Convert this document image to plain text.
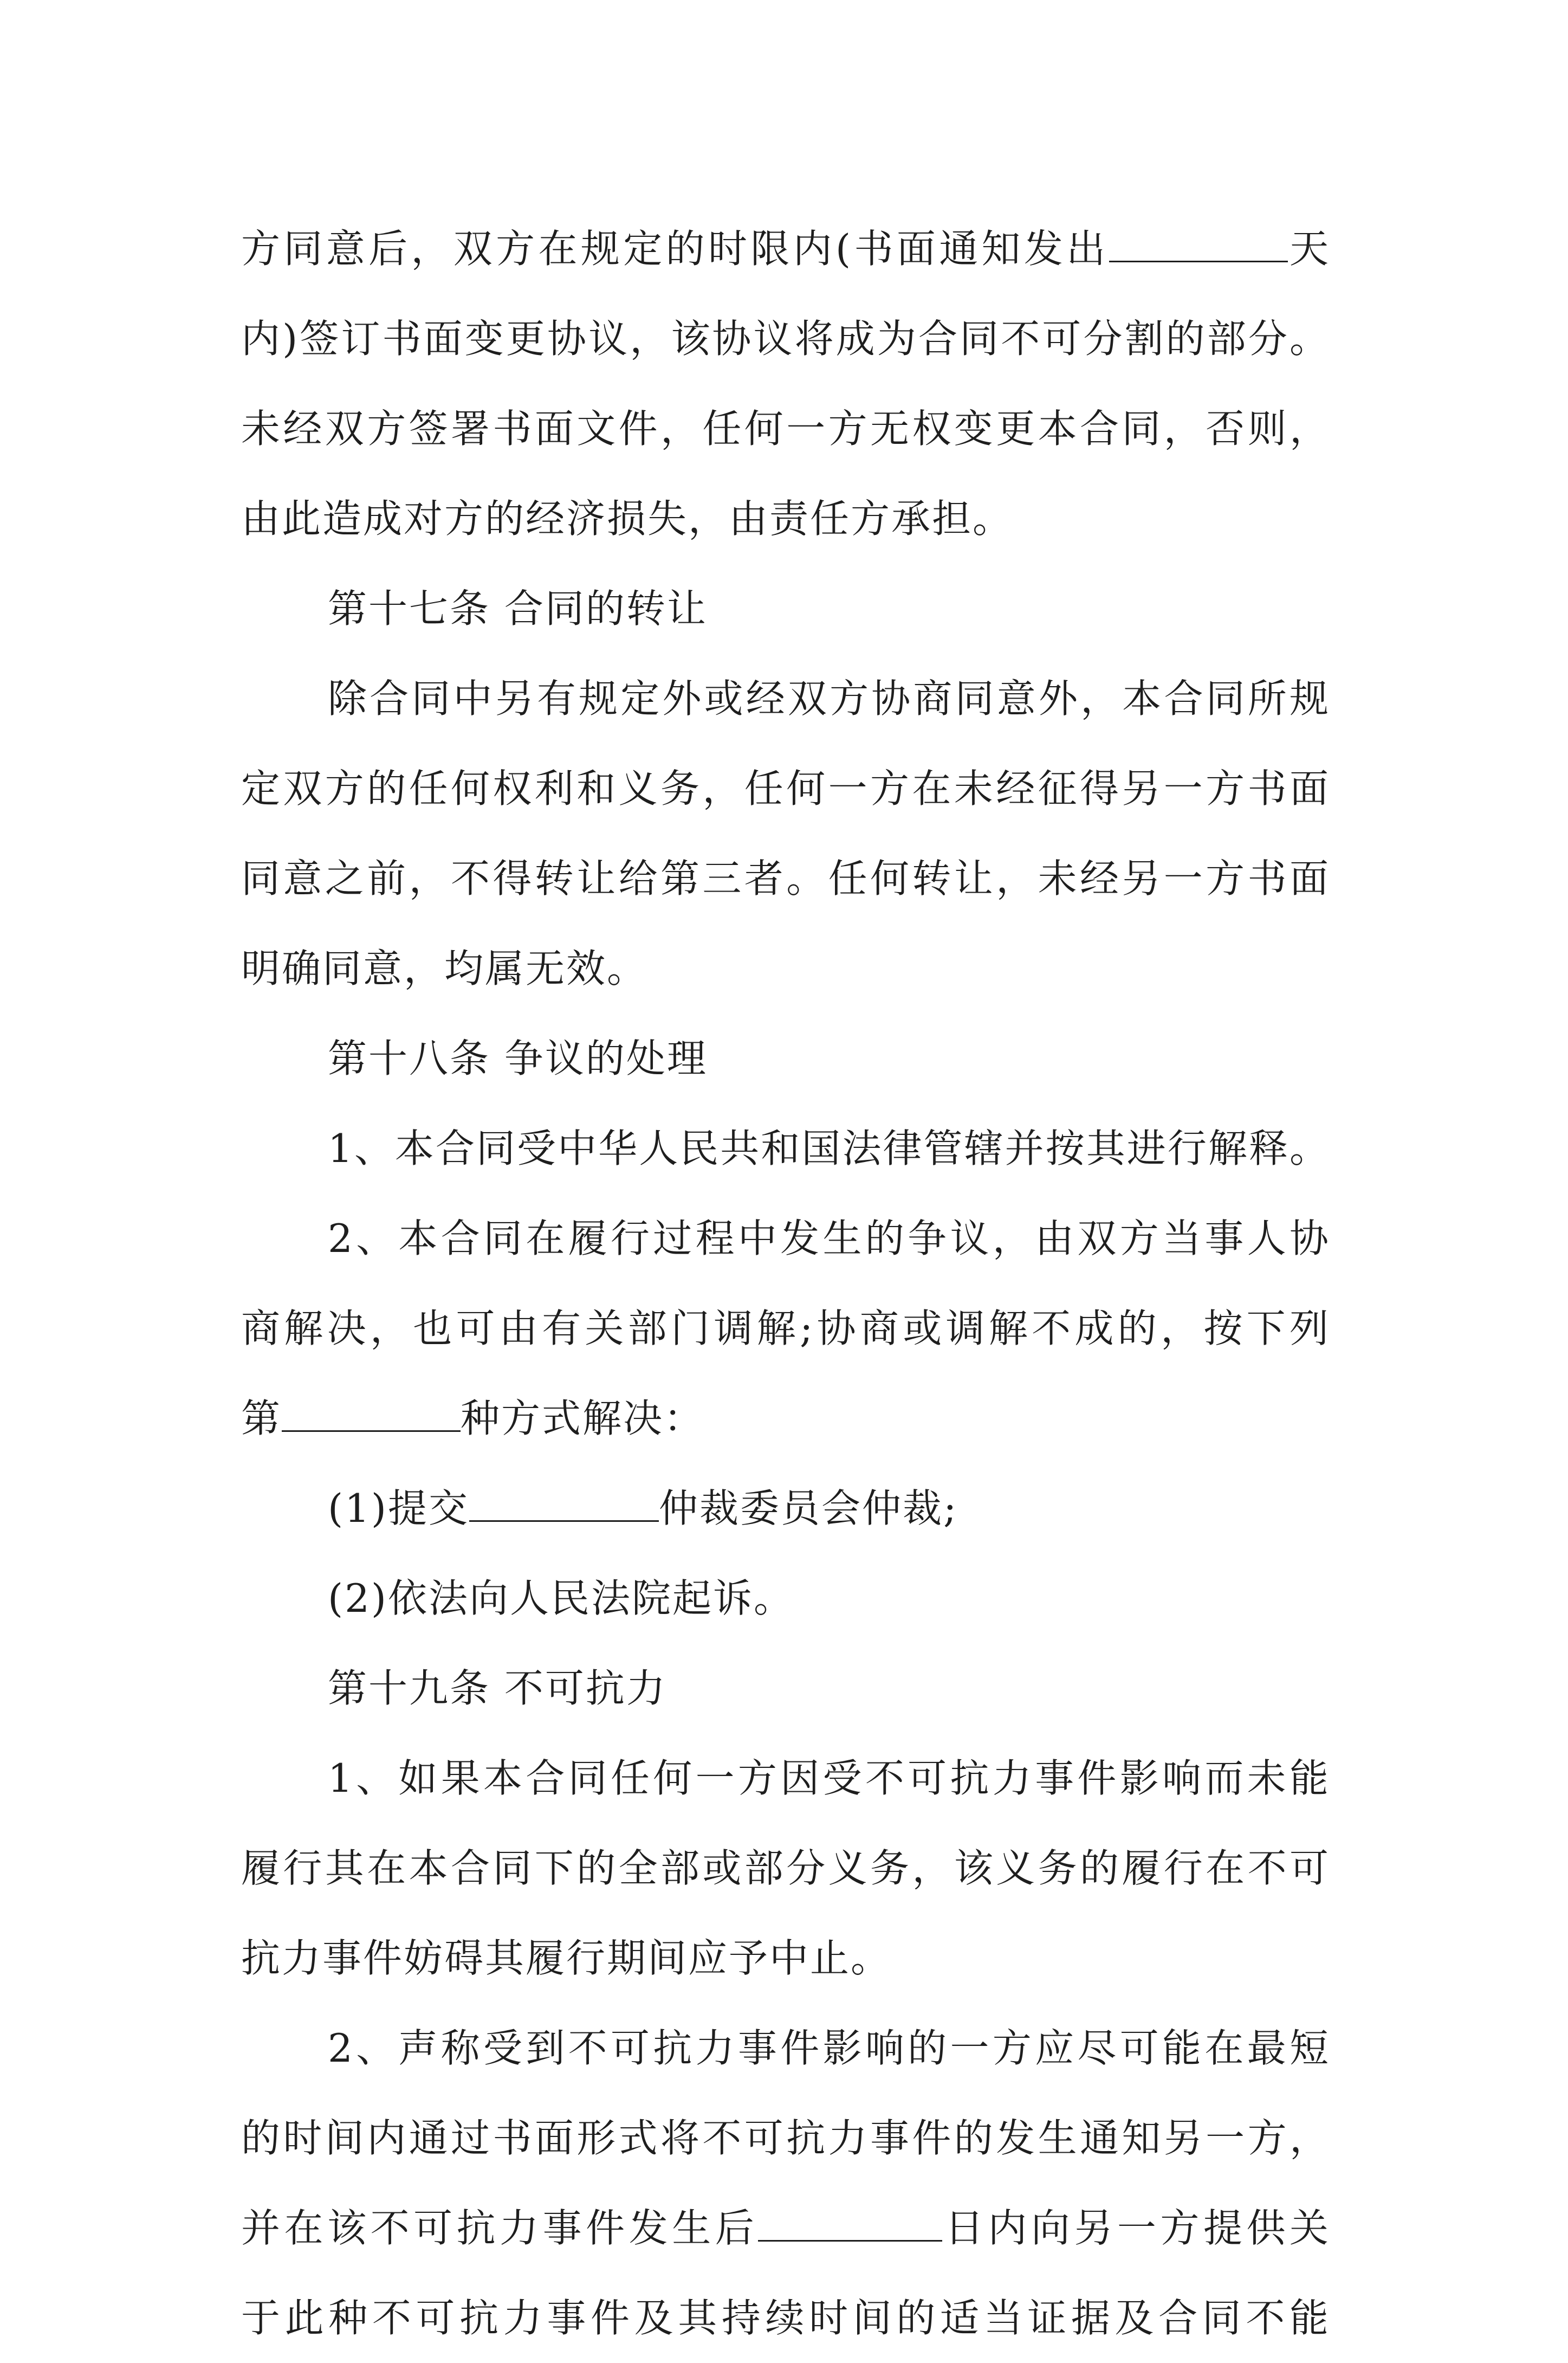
方同意后，双方在规定的时限内(书面通知发出	天
内)签订书面变更协议，该协议将成为合同不可分割的部分。
未经双方签署书面文件，任何一方无权变更本合同，否则，
由此造成对方的经济损失，由责任方承担。
第十七条 合同的转让
除合同中另有规定外或经双方协商同意外，本合同所规
定双方的任何权利和义务，任何一方在未经征得另一方书面
同意之前，不得转让给第三者。任何转让，未经另一方书面
明确同意，均属无效。
第十八条 争议的处理
1、本合同受中华人民共和国法律管辖并按其进行解释。
2、本合同在履行过程中发生的争议，由双方当事人协
商解决，也可由有关部门调解;协商或调解不成的，按下列
第	种方式解决：
(1)提交	仲裁委员会仲裁;
(2)依法向人民法院起诉。
第十九条 不可抗力
1、如果本合同任何一方因受不可抗力事件影响而未能
履行其在本合同下的全部或部分义务，该义务的履行在不可
抗力事件妨碍其履行期间应予中止。
2、声称受到不可抗力事件影响的一方应尽可能在最短
的时间内通过书面形式将不可抗力事件的发生通知另一方，
并在该不可抗力事件发生后	日内向另一方提供关
于此种不可抗力事件及其持续时间的适当证据及合同不能
